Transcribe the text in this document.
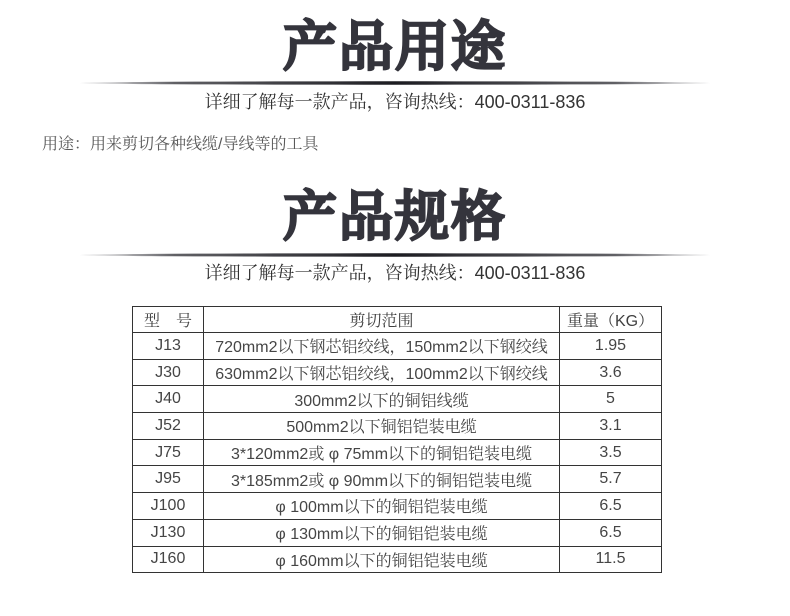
产品用途
详细了解每一款产品，咨询热线：400-0311-836
用途：用来剪切各种线缆/导线等的工具
产品规格
详细了解每一款产品，咨询热线：400-0311-836
型　号	剪切范围	重量（KG）
J13	720mm2以下钢芯铝绞线，150mm2以下钢绞线	1.95
J30	630mm2以下钢芯铝绞线，100mm2以下钢绞线	3.6
J40	300mm2以下的铜铝线缆	5
J52	500mm2以下铜铝铠装电缆	3.1
J75	3*120mm2或 φ 75mm以下的铜铝铠装电缆	3.5
J95	3*185mm2或 φ 90mm以下的铜铝铠装电缆	5.7
J100	φ 100mm以下的铜铝铠装电缆	6.5
J130	φ 130mm以下的铜铝铠装电缆	6.5
J160	φ 160mm以下的铜铝铠装电缆	11.5
